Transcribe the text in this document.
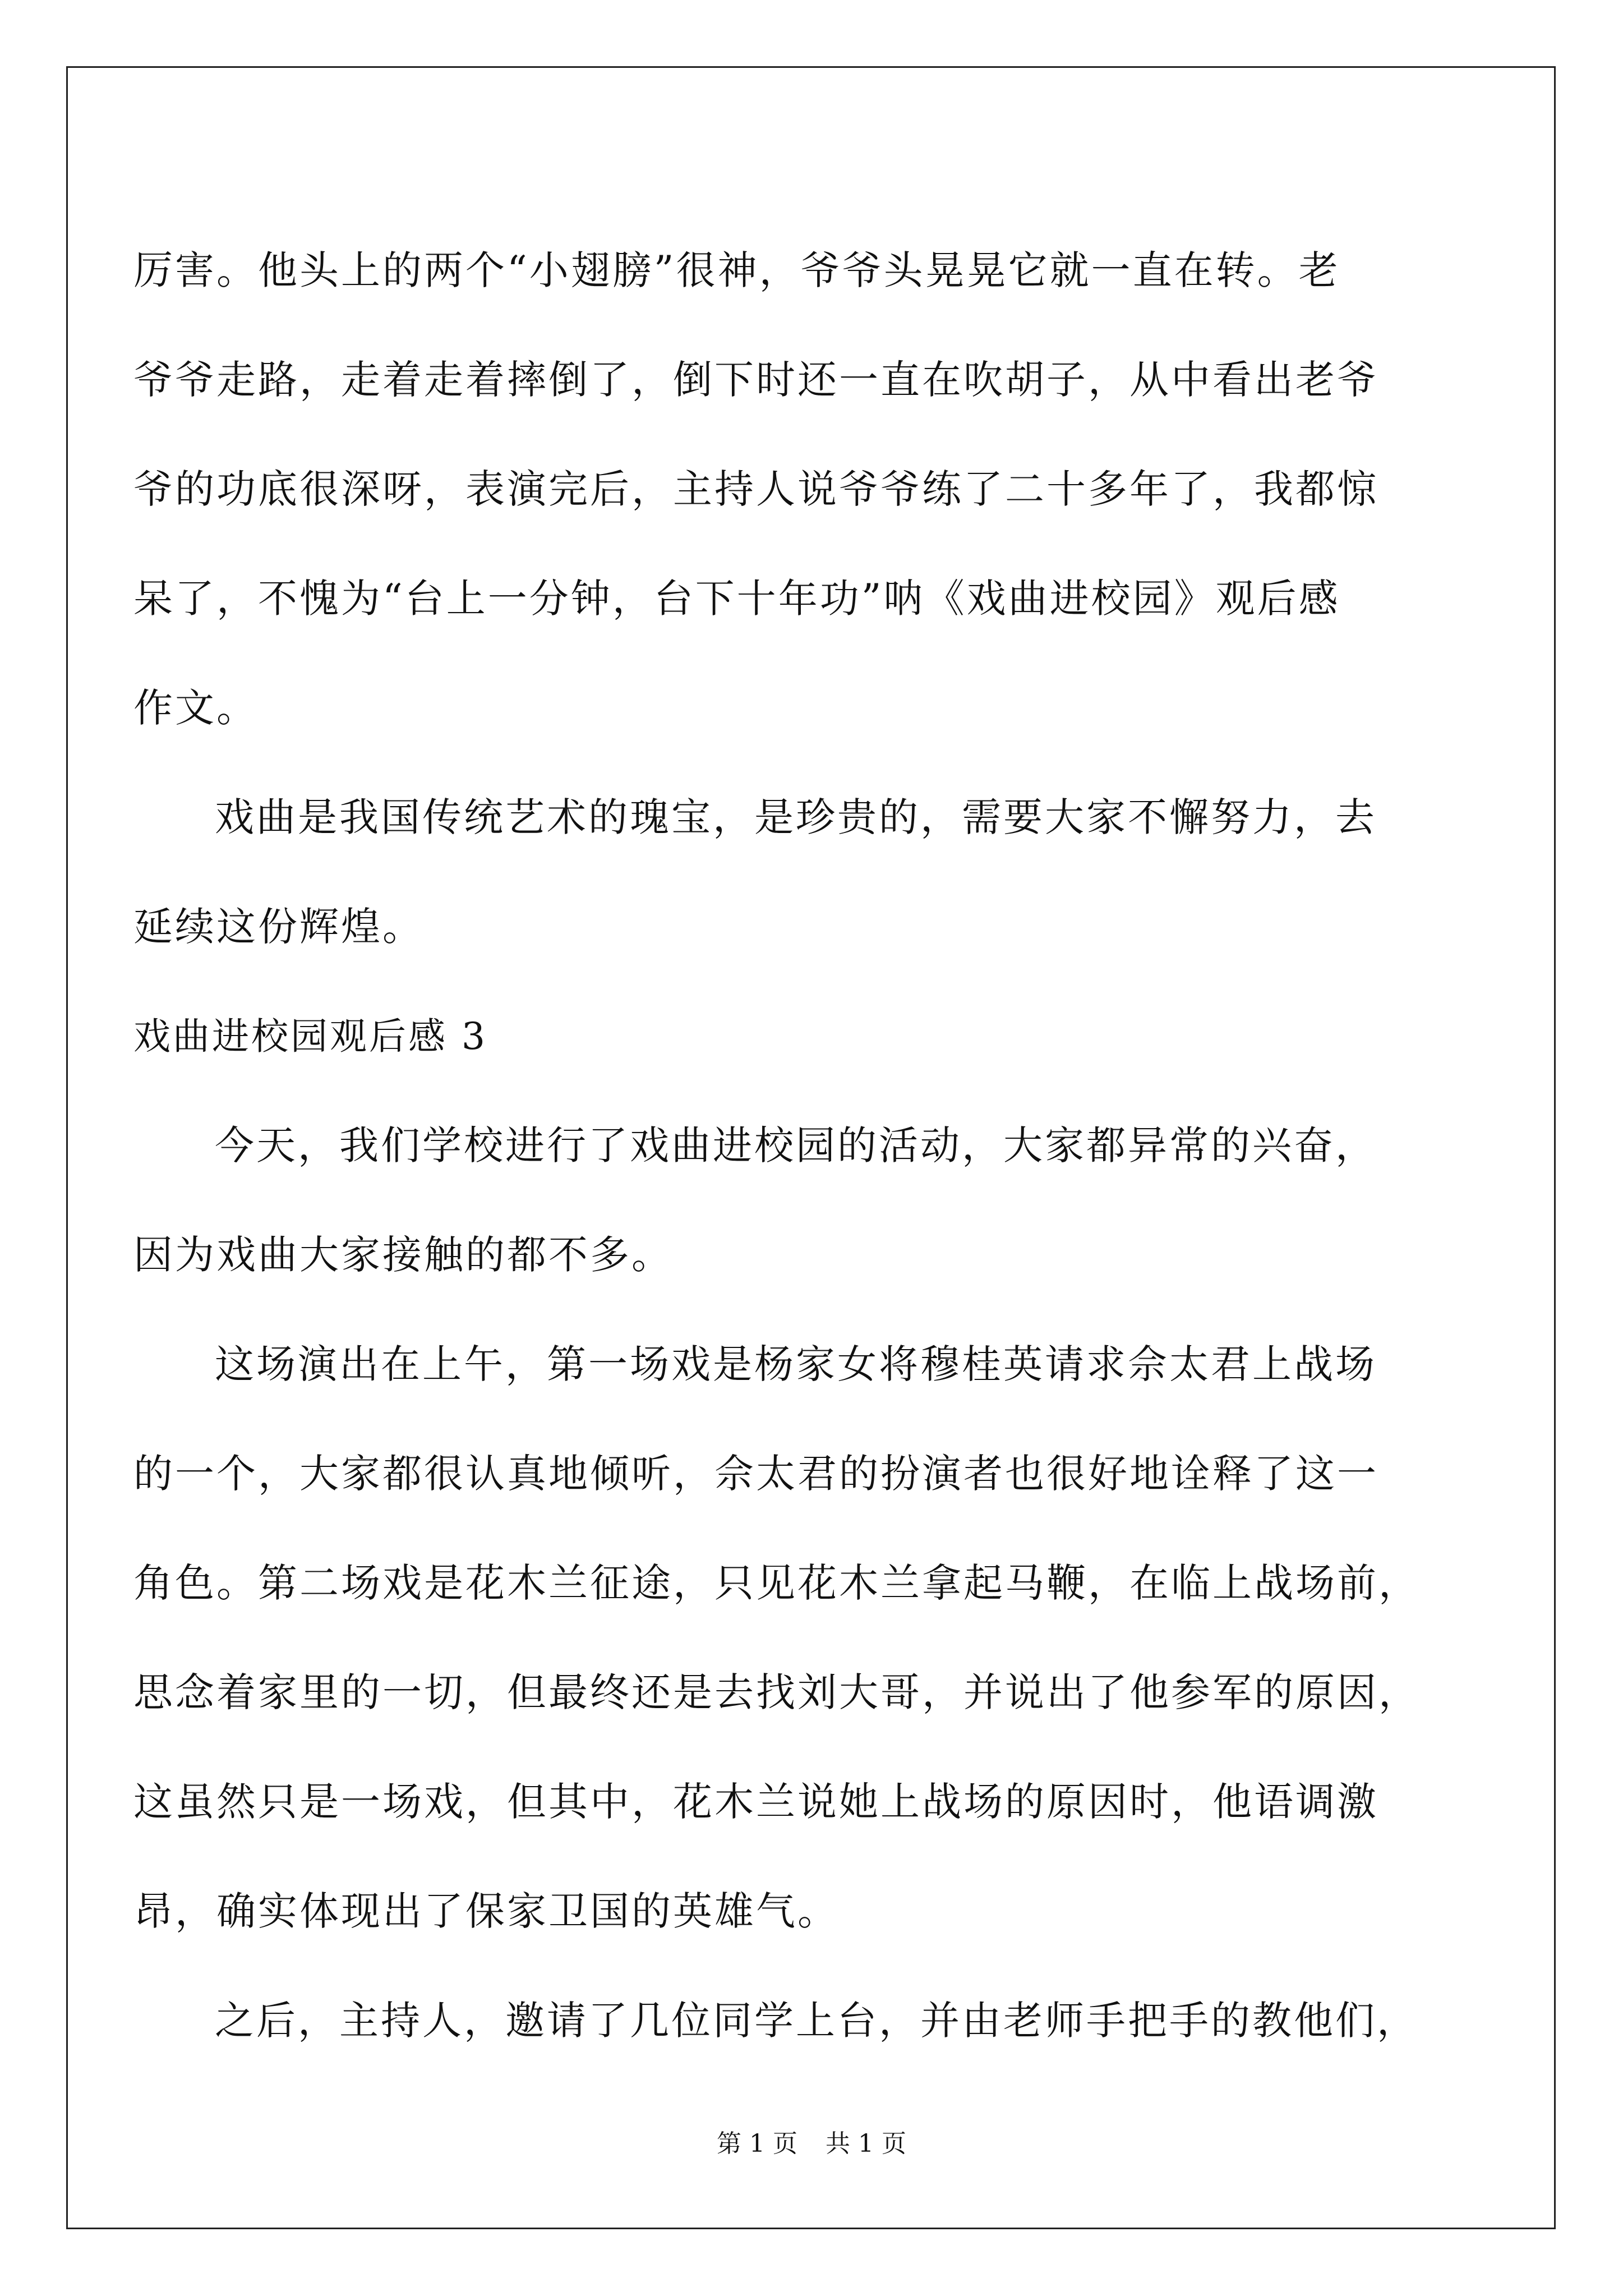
厉害。他头上的两个“小翅膀”很神，爷爷头晃晃它就一直在转。老
爷爷走路，走着走着摔倒了，倒下时还一直在吹胡子，从中看出老爷
爷的功底很深呀，表演完后，主持人说爷爷练了二十多年了，我都惊
呆了，不愧为“台上一分钟，台下十年功”呐《戏曲进校园》观后感
作文。
戏曲是我国传统艺术的瑰宝，是珍贵的，需要大家不懈努力，去
延续这份辉煌。
戏曲进校园观后感 3
今天，我们学校进行了戏曲进校园的活动，大家都异常的兴奋，
因为戏曲大家接触的都不多。
这场演出在上午，第一场戏是杨家女将穆桂英请求佘太君上战场
的一个，大家都很认真地倾听，佘太君的扮演者也很好地诠释了这一
角色。第二场戏是花木兰征途，只见花木兰拿起马鞭，在临上战场前，
思念着家里的一切，但最终还是去找刘大哥，并说出了他参军的原因，
这虽然只是一场戏，但其中，花木兰说她上战场的原因时，他语调激
昂，确实体现出了保家卫国的英雄气。
之后，主持人，邀请了几位同学上台，并由老师手把手的教他们，
第 1 页 共 1 页
